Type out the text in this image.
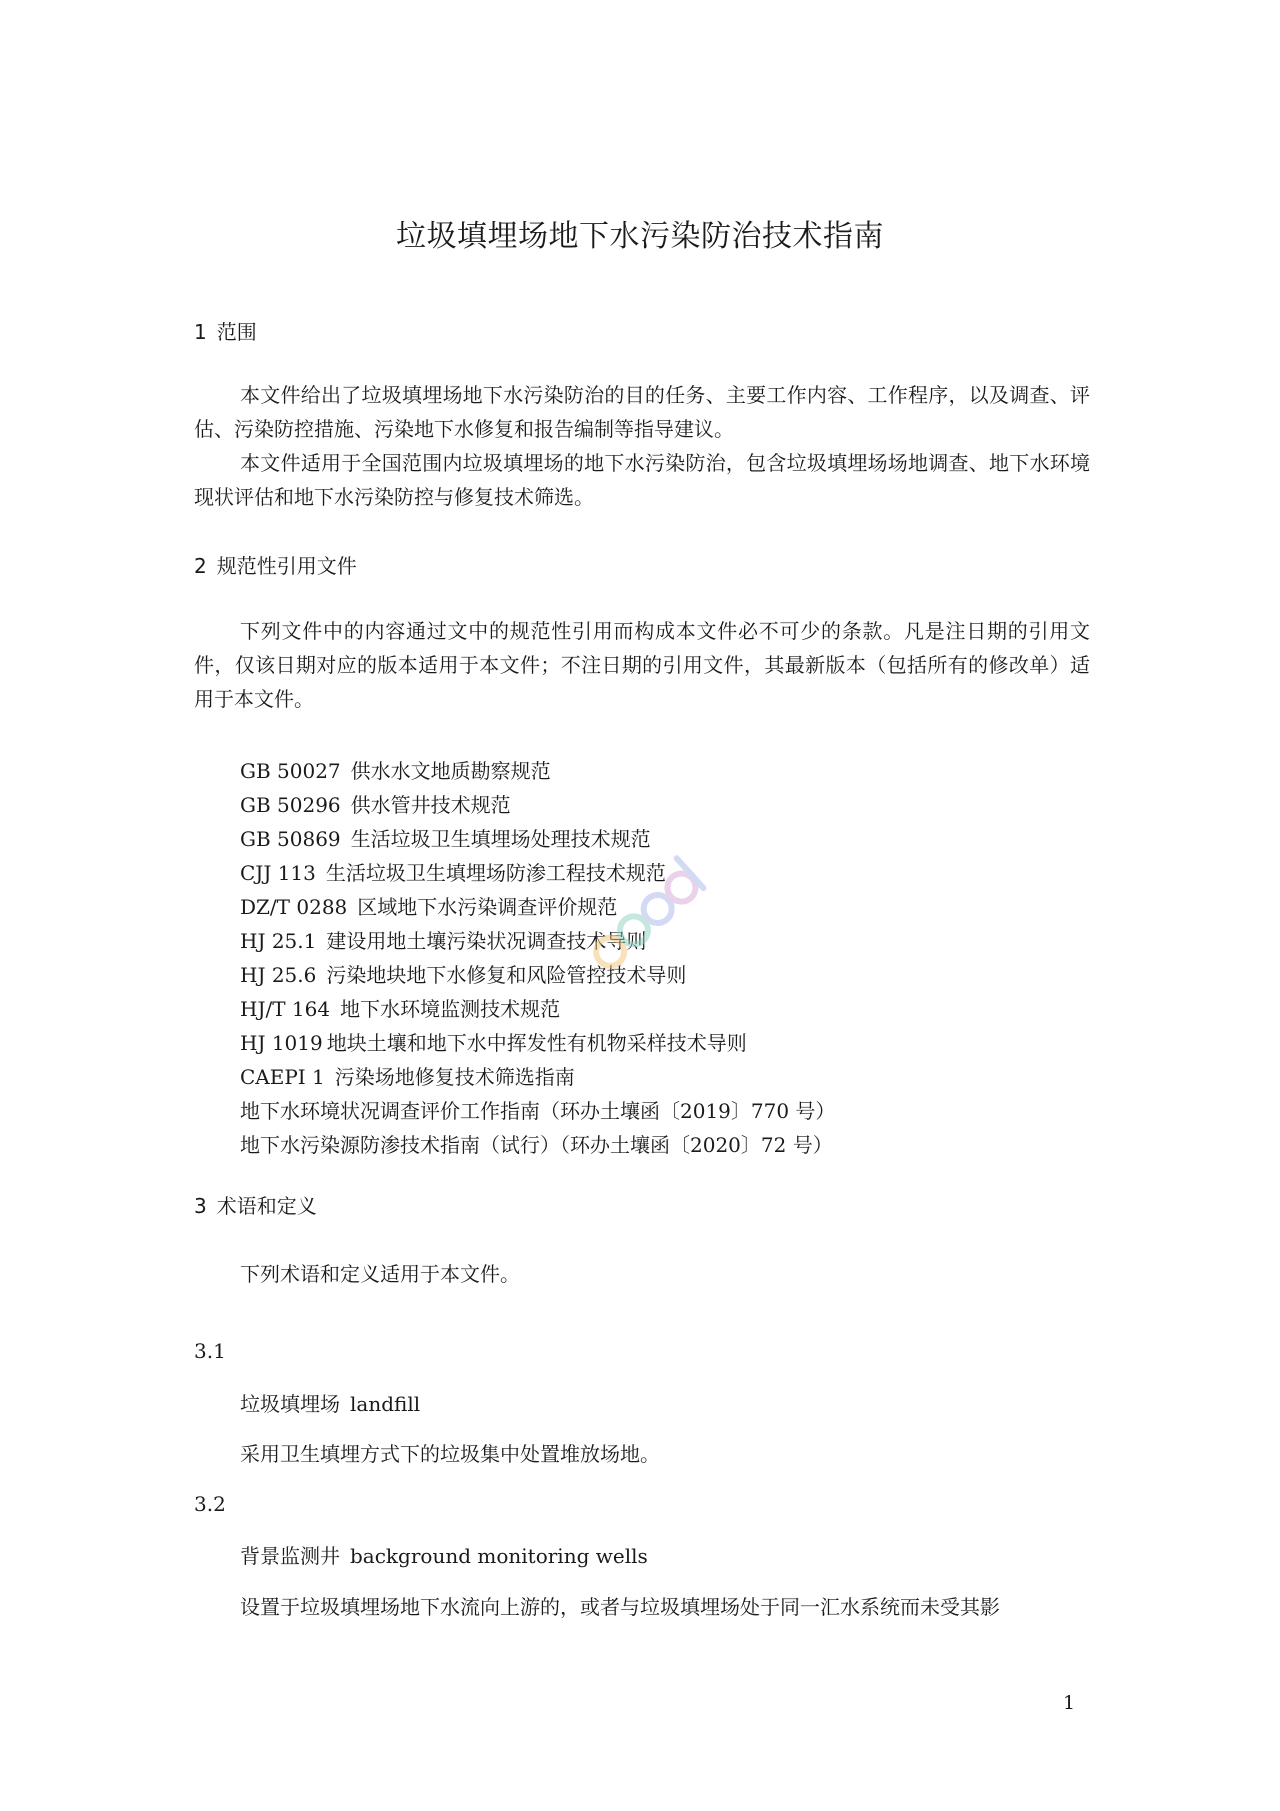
垃圾填埋场地下水污染防治技术指南
1 范围

本文件给出了垃圾填埋场地下水污染防治的目的任务、主要工作内容、工作程序，以及调查、评估、污染防控措施、污染地下水修复和报告编制等指导建议。

本文件适用于全国范围内垃圾填埋场的地下水污染防治，包含垃圾填埋场场地调查、地下水环境现状评估和地下水污染防控与修复技术筛选。

2 规范性引用文件

下列文件中的内容通过文中的规范性引用而构成本文件必不可少的条款。凡是注日期的引用文件，仅该日期对应的版本适用于本文件；不注日期的引用文件，其最新版本（包括所有的修改单）适用于本文件。

GB 50027 供水水文地质勘察规范
GB 50296 供水管井技术规范
GB 50869 生活垃圾卫生填埋场处理技术规范
CJJ 113 生活垃圾卫生填埋场防渗工程技术规范
DZ/T 0288 区域地下水污染调查评价规范
HJ 25.1 建设用地土壤污染状况调查技术导则
HJ 25.6 污染地块地下水修复和风险管控技术导则
HJ/T 164 地下水环境监测技术规范
HJ 1019 地块土壤和地下水中挥发性有机物采样技术导则
CAEPI 1 污染场地修复技术筛选指南
地下水环境状况调查评价工作指南（环办土壤函〔2019〕770 号）
地下水污染源防渗技术指南（试行）（环办土壤函〔2020〕72 号）
3 术语和定义
下列术语和定义适用于本文件。
3.1
垃圾填埋场 landfill
采用卫生填埋方式下的垃圾集中处置堆放场地。
3.2
背景监测井 background monitoring wells
设置于垃圾填埋场地下水流向上游的，或者与垃圾填埋场处于同一汇水系统而未受其影
1
